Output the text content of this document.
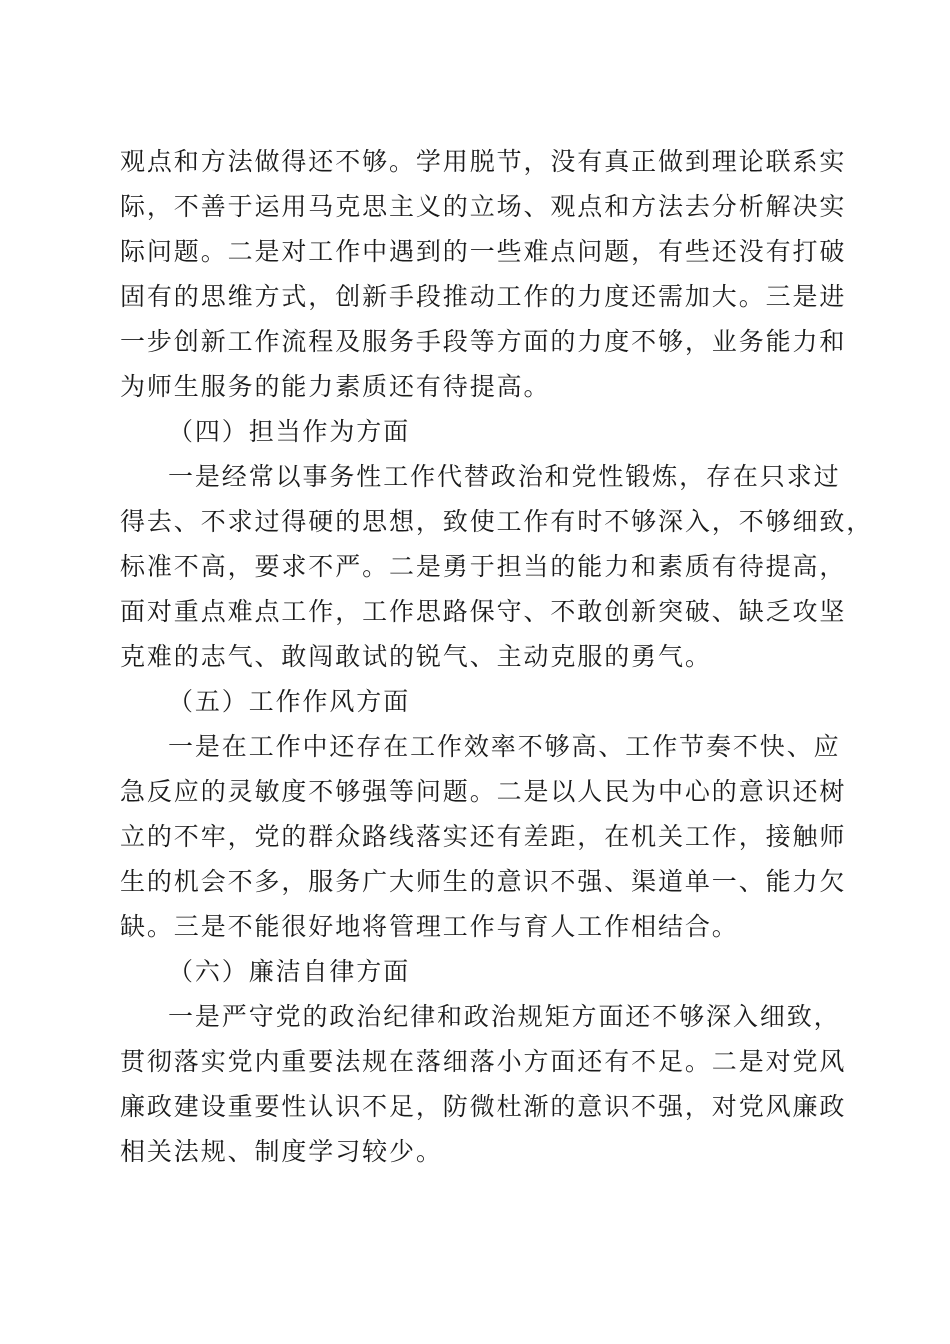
观点和方法做得还不够。学用脱节，没有真正做到理论联系实
际，不善于运用马克思主义的立场、观点和方法去分析解决实
际问题。二是对工作中遇到的一些难点问题，有些还没有打破
固有的思维方式，创新手段推动工作的力度还需加大。三是进
一步创新工作流程及服务手段等方面的力度不够，业务能力和
为师生服务的能力素质还有待提高。
（四）担当作为方面
一是经常以事务性工作代替政治和党性锻炼，存在只求过
得去、不求过得硬的思想，致使工作有时不够深入，不够细致，
标准不高，要求不严。二是勇于担当的能力和素质有待提高，
面对重点难点工作，工作思路保守、不敢创新突破、缺乏攻坚
克难的志气、敢闯敢试的锐气、主动克服的勇气。
（五）工作作风方面
一是在工作中还存在工作效率不够高、工作节奏不快、应
急反应的灵敏度不够强等问题。二是以人民为中心的意识还树
立的不牢，党的群众路线落实还有差距，在机关工作，接触师
生的机会不多，服务广大师生的意识不强、渠道单一、能力欠
缺。三是不能很好地将管理工作与育人工作相结合。
（六）廉洁自律方面
一是严守党的政治纪律和政治规矩方面还不够深入细致，
贯彻落实党内重要法规在落细落小方面还有不足。二是对党风
廉政建设重要性认识不足，防微杜渐的意识不强，对党风廉政
相关法规、制度学习较少。
